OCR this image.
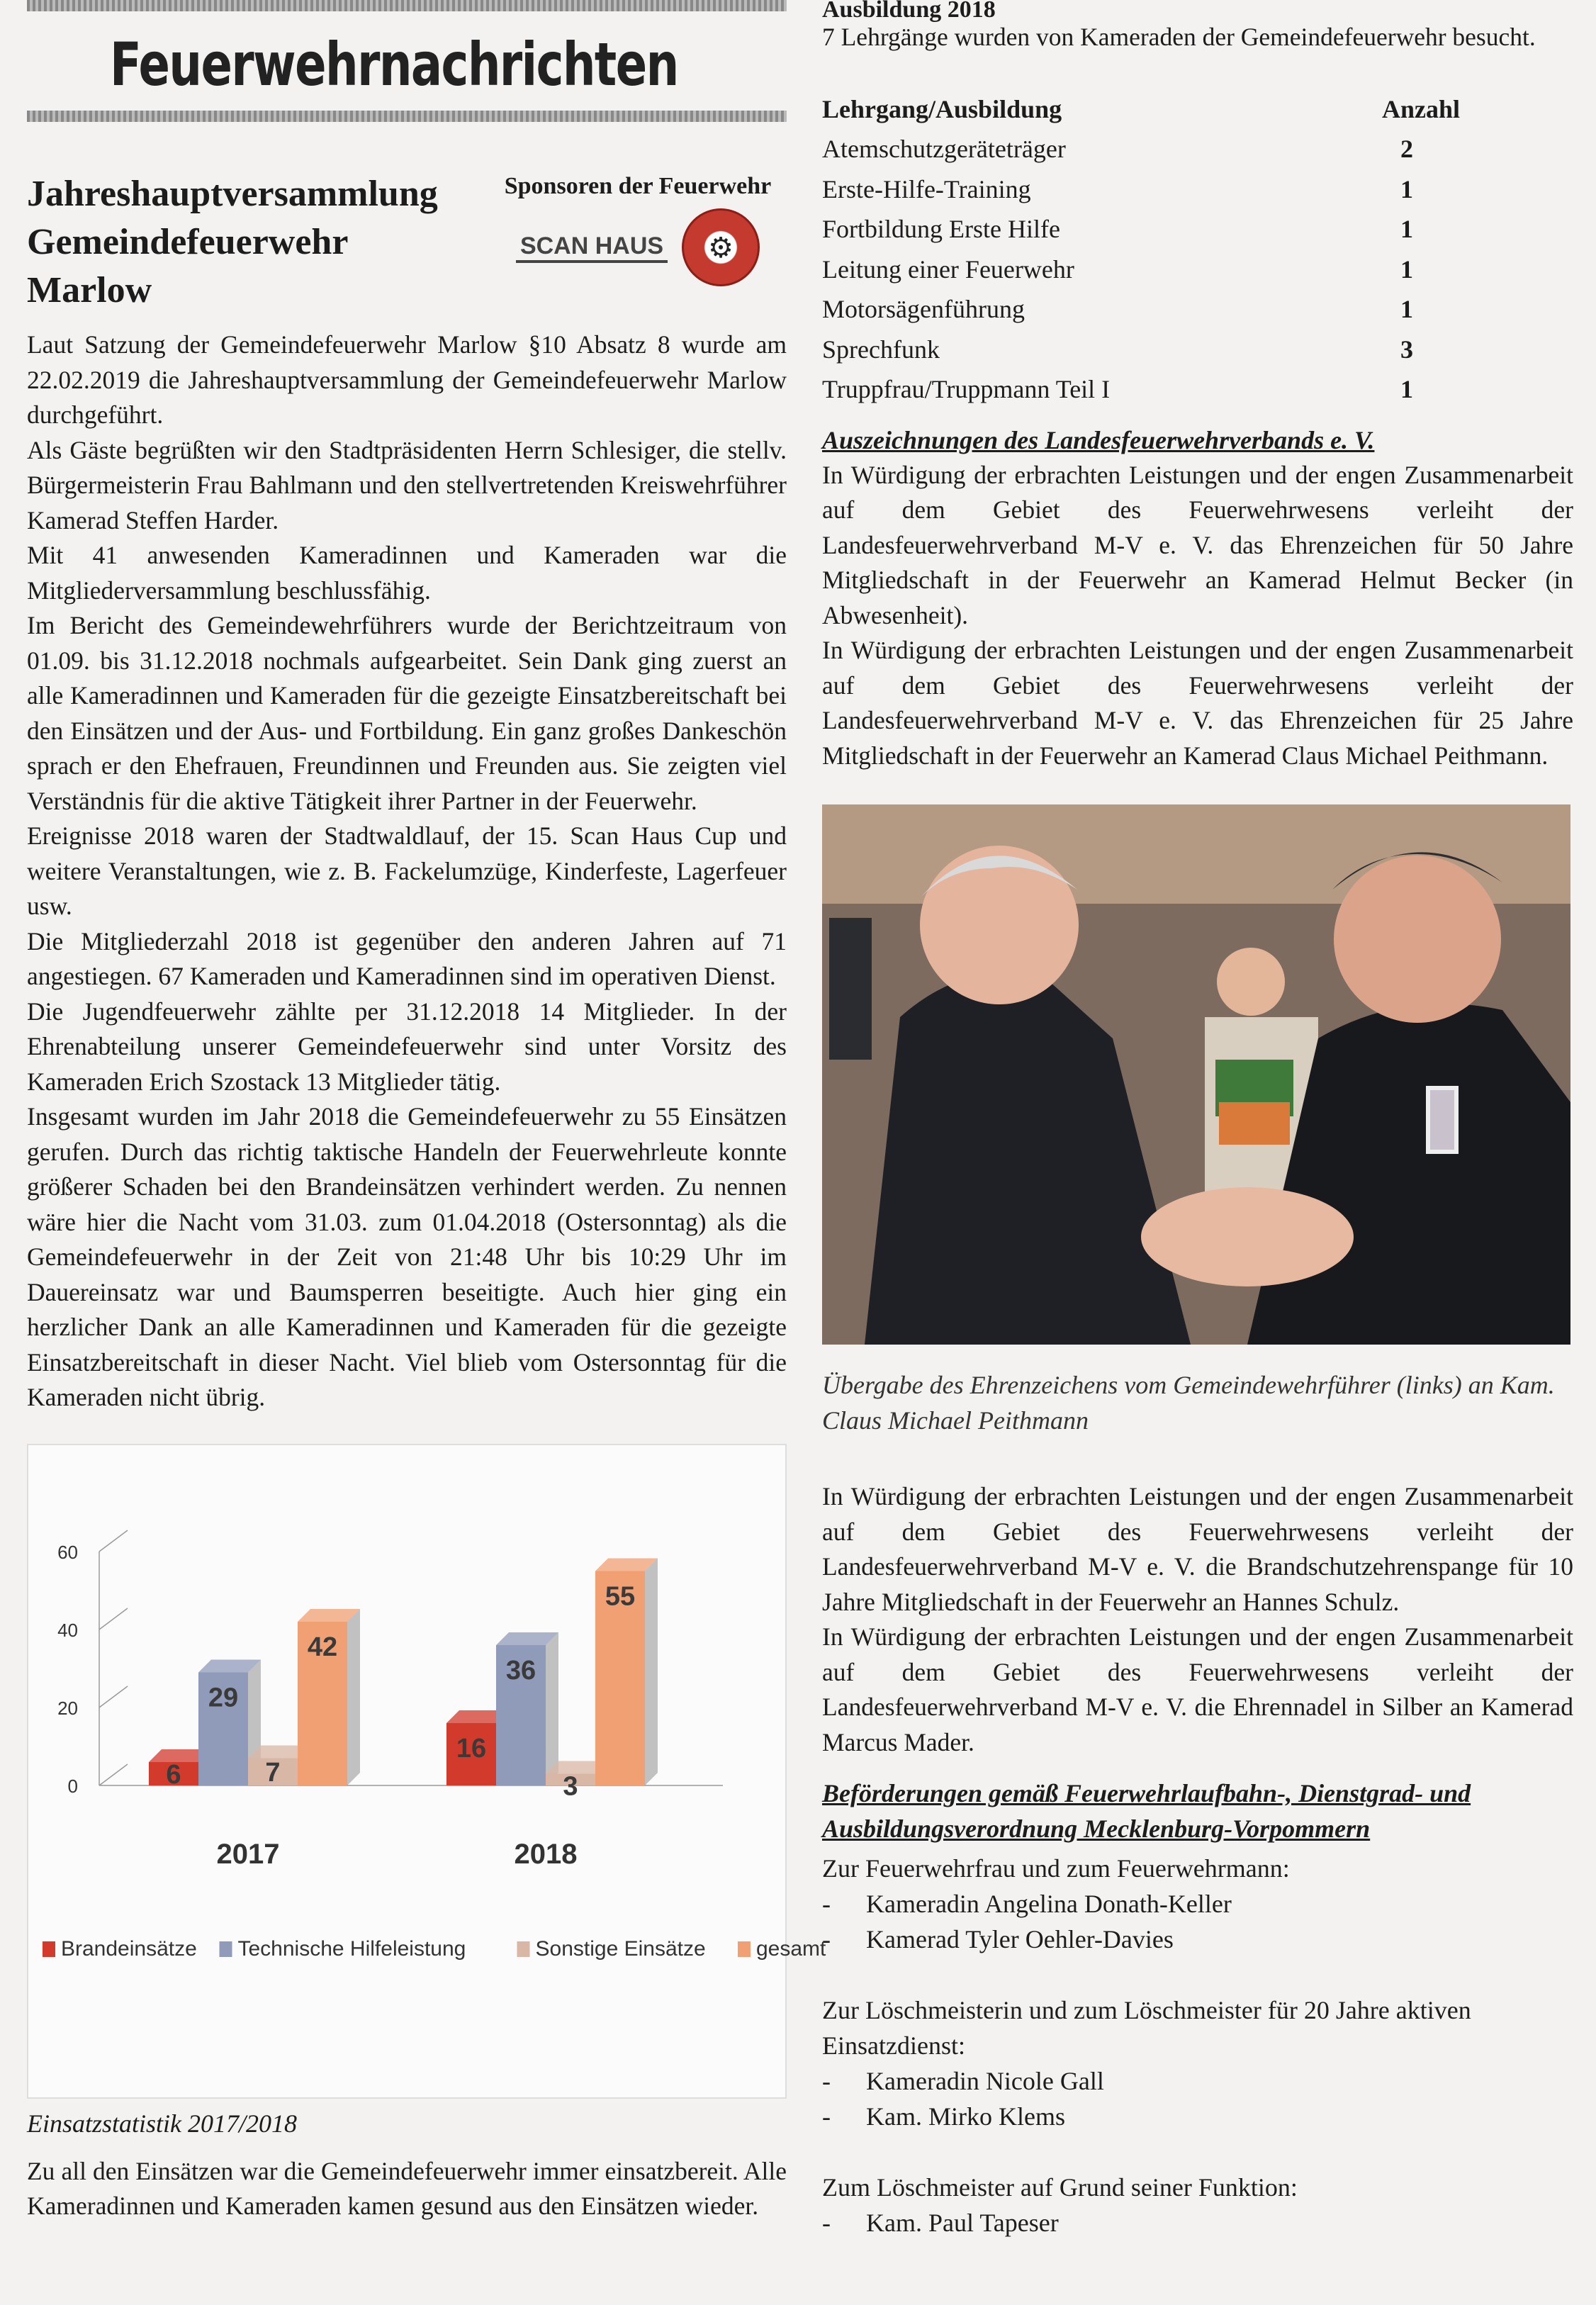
Feuerwehrnachrichten
Jahreshauptversammlung
Gemeindefeuerwehr
Marlow
Sponsoren der Feuerwehr
SCAN HAUS	⚙

Laut Satzung der Gemeindefeuerwehr Marlow §10 Absatz 8 wurde am 22.02.2019 die Jahreshauptversammlung der Gemeindefeuerwehr Marlow durchgeführt.

Als Gäste begrüßten wir den Stadtpräsidenten Herrn Schlesiger, die stellv. Bürgermeisterin Frau Bahlmann und den stellvertretenden Kreiswehrführer Kamerad Steffen Harder.

Mit 41 anwesenden Kameradinnen und Kameraden war die Mitgliederversammlung beschlussfähig.

Im Bericht des Gemeindewehrführers wurde der Berichtzeitraum von 01.09. bis 31.12.2018 nochmals aufgearbeitet. Sein Dank ging zuerst an alle Kameradinnen und Kameraden für die gezeigte Einsatzbereitschaft bei den Einsätzen und der Aus- und Fortbildung. Ein ganz großes Dankeschön sprach er den Ehefrauen, Freundinnen und Freunden aus. Sie zeigten viel Verständnis für die aktive Tätigkeit ihrer Partner in der Feuerwehr.

Ereignisse 2018 waren der Stadtwaldlauf, der 15. Scan Haus Cup und weitere Veranstaltungen, wie z. B. Fackelumzüge, Kinderfeste, Lagerfeuer usw.

Die Mitgliederzahl 2018 ist gegenüber den anderen Jahren auf 71 angestiegen. 67 Kameraden und Kameradinnen sind im operativen Dienst.

Die Jugendfeuerwehr zählte per 31.12.2018 14 Mitglieder. In der Ehrenabteilung unserer Gemeindefeuerwehr sind unter Vorsitz des Kameraden Erich Szostack 13 Mitglieder tätig.

Insgesamt wurden im Jahr 2018 die Gemeindefeuerwehr zu 55 Einsätzen gerufen. Durch das richtig taktische Handeln der Feuerwehrleute konnte größerer Schaden bei den Brandeinsätzen verhindert werden. Zu nennen wäre hier die Nacht vom 31.03. zum 01.04.2018 (Ostersonntag) als die Gemeindefeuerwehr in der Zeit von 21:48 Uhr bis 10:29 Uhr im Dauereinsatz war und Baumsperren beseitigte. Auch hier ging ein herzlicher Dank an alle Kameradinnen und Kameraden für die gezeigte Einsatzbereitschaft in dieser Nacht. Viel blieb vom Ostersonntag für die Kameraden nicht übrig.

0
20
40
60
6
29
7
42
2017
16
36
3
55
2018
Brandeinsätze Technische Hilfeleistung	Sonstige Einsätze gesamt

Einsatzstatistik 2017/2018

Zu all den Einsätzen war die Gemeindefeuerwehr immer einsatzbereit. Alle Kameradinnen und Kameraden kamen gesund aus den Einsätzen wieder.

Ausbildung 2018

7 Lehrgänge wurden von Kameraden der Gemeindefeuerwehr besucht.

Lehrgang/Ausbildung	Anzahl
Atemschutzgeräteträger	2
Erste-Hilfe-Training	1
Fortbildung Erste Hilfe	1
Leitung einer Feuerwehr	1
Motorsägenführung	1
Sprechfunk	3
Truppfrau/Truppmann Teil I	1

Auszeichnungen des Landesfeuerwehrverbands e. V.

In Würdigung der erbrachten Leistungen und der engen Zusammenarbeit auf dem Gebiet des Feuerwehrwesens verleiht der Landesfeuerwehrverband M-V e. V. das Ehrenzeichen für 50 Jahre Mitgliedschaft in der Feuerwehr an Kamerad Helmut Becker (in Abwesenheit).

In Würdigung der erbrachten Leistungen und der engen Zusammenarbeit auf dem Gebiet des Feuerwehrwesens verleiht der Landesfeuerwehrverband M-V e. V. das Ehrenzeichen für 25 Jahre Mitgliedschaft in der Feuerwehr an Kamerad Claus Michael Peithmann.

Übergabe des Ehrenzeichens vom Gemeindewehrführer (links) an Kam. Claus Michael Peithmann

In Würdigung der erbrachten Leistungen und der engen Zusammenarbeit auf dem Gebiet des Feuerwehrwesens verleiht der Landesfeuerwehrverband M-V e. V. die Brandschutzehrenspange für 10 Jahre Mitgliedschaft in der Feuerwehr an Hannes Schulz.

In Würdigung der erbrachten Leistungen und der engen Zusammenarbeit auf dem Gebiet des Feuerwehrwesens verleiht der Landesfeuerwehrverband M-V e. V. die Ehrennadel in Silber an Kamerad Marcus Mader.

Beförderungen gemäß Feuerwehrlaufbahn-, Dienstgrad- und Ausbildungsverordnung Mecklenburg-Vorpommern

Zur Feuerwehrfrau und zum Feuerwehrmann:

-	Kameradin Angelina Donath-Keller
-	Kamerad Tyler Oehler-Davies

Zur Löschmeisterin und zum Löschmeister für 20 Jahre aktiven Einsatzdienst:

-	Kameradin Nicole Gall
-	Kam. Mirko Klems

Zum Löschmeister auf Grund seiner Funktion:

-	Kam. Paul Tapeser
